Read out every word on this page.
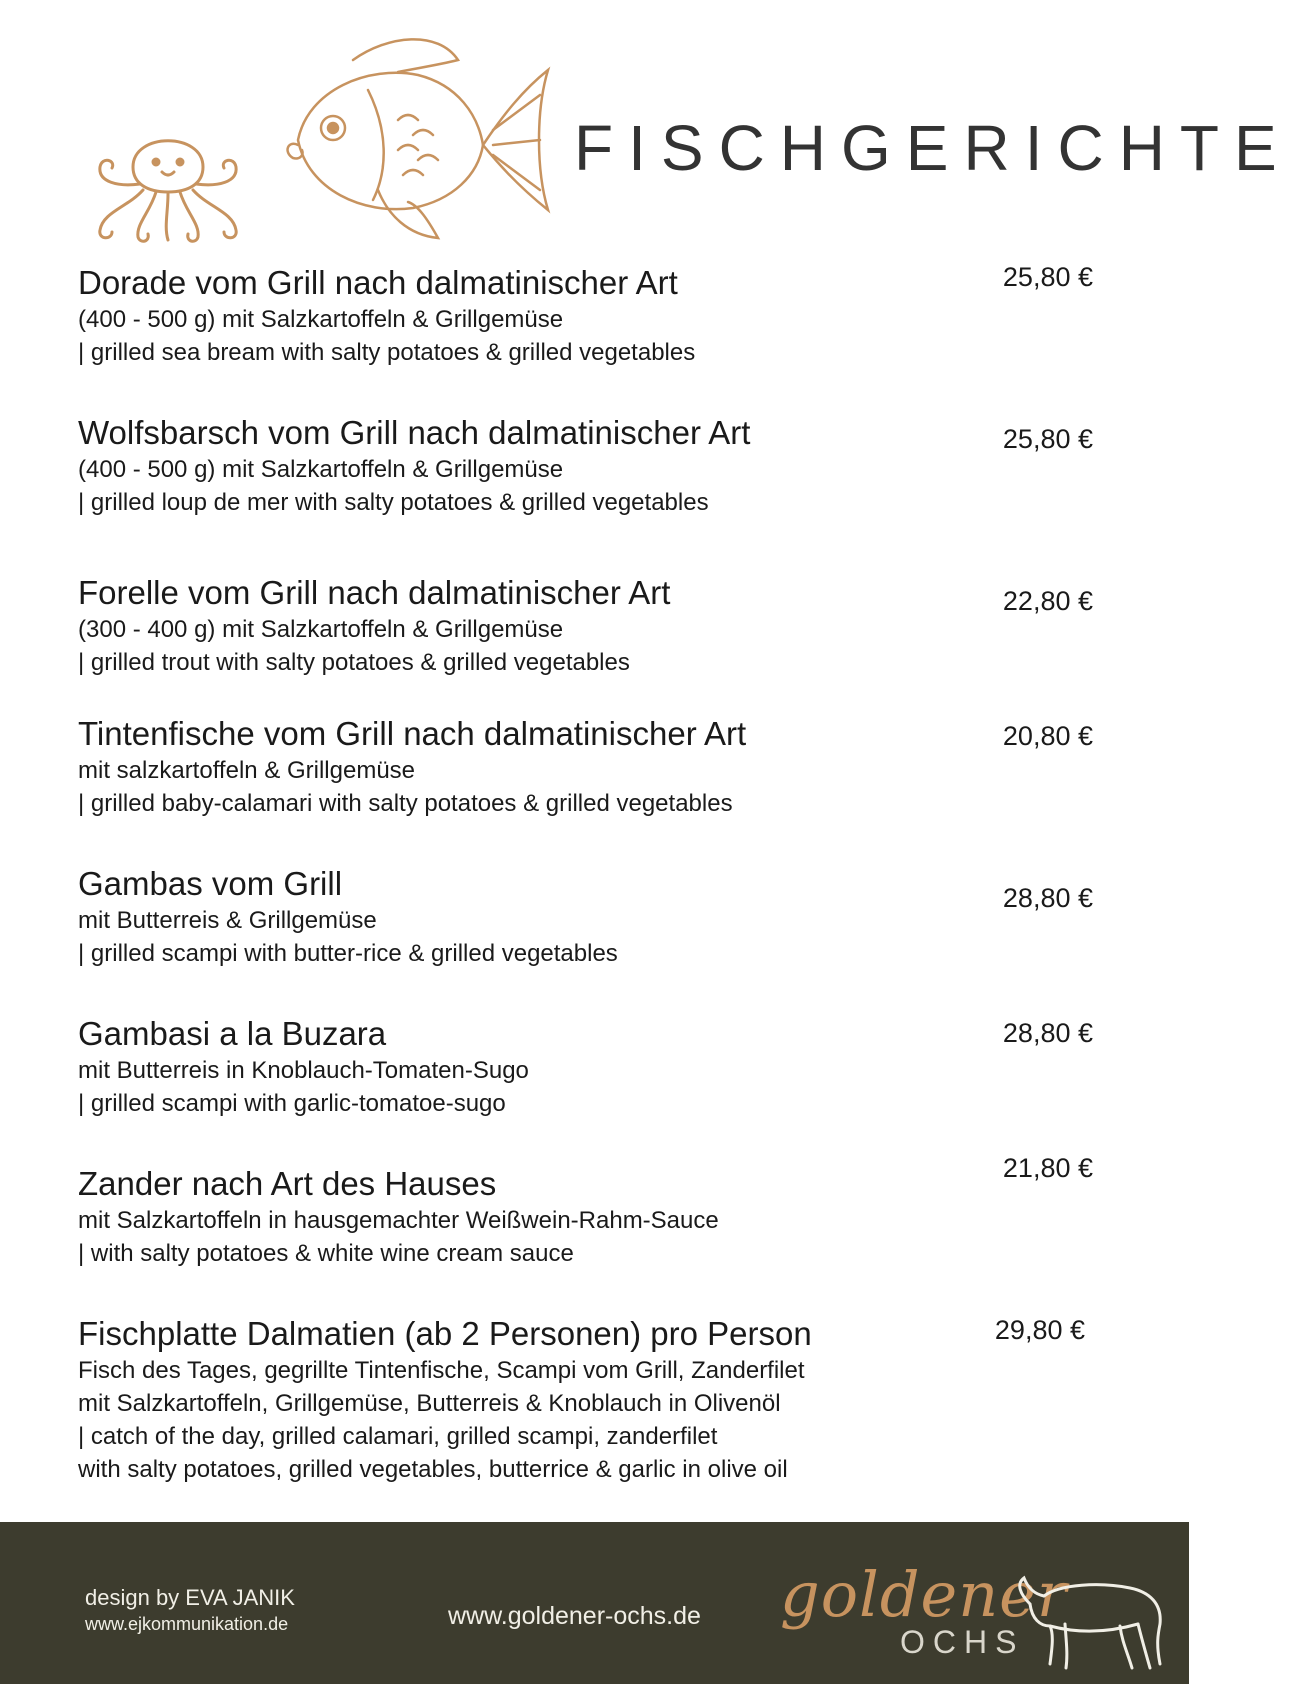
FISCHGERICHTE
Dorade vom Grill nach dalmatinischer Art
(400 - 500 g) mit Salzkartoffeln & Grillgemüse
| grilled sea bream with salty potatoes & grilled vegetables
25,80 €
Wolfsbarsch vom Grill nach dalmatinischer Art
(400 - 500 g) mit Salzkartoffeln & Grillgemüse
| grilled loup de mer with salty potatoes & grilled vegetables
25,80 €
Forelle vom Grill nach dalmatinischer Art
(300 - 400 g) mit Salzkartoffeln & Grillgemüse
| grilled trout with salty potatoes & grilled vegetables
22,80 €
Tintenfische vom Grill nach dalmatinischer Art
mit salzkartoffeln & Grillgemüse
| grilled baby-calamari with salty potatoes & grilled vegetables
20,80 €
Gambas vom Grill
mit Butterreis & Grillgemüse
| grilled scampi with butter-rice & grilled vegetables
28,80 €
Gambasi a la Buzara
mit Butterreis in Knoblauch-Tomaten-Sugo
| grilled scampi with garlic-tomatoe-sugo
28,80 €
Zander nach Art des Hauses
mit Salzkartoffeln in hausgemachter Weißwein-Rahm-Sauce
| with salty potatoes & white wine cream sauce
21,80 €
Fischplatte Dalmatien (ab 2 Personen) pro Person
Fisch des Tages, gegrillte Tintenfische, Scampi vom Grill, Zanderfilet
mit Salzkartoffeln, Grillgemüse, Butterreis & Knoblauch in Olivenöl
| catch of the day, grilled calamari, grilled scampi, zanderfilet
with salty potatoes, grilled vegetables, butterrice & garlic in olive oil
29,80 €
design by EVA JANIK
www.ejkommunikation.de	www.goldener-ochs.de goldener
OCHS
